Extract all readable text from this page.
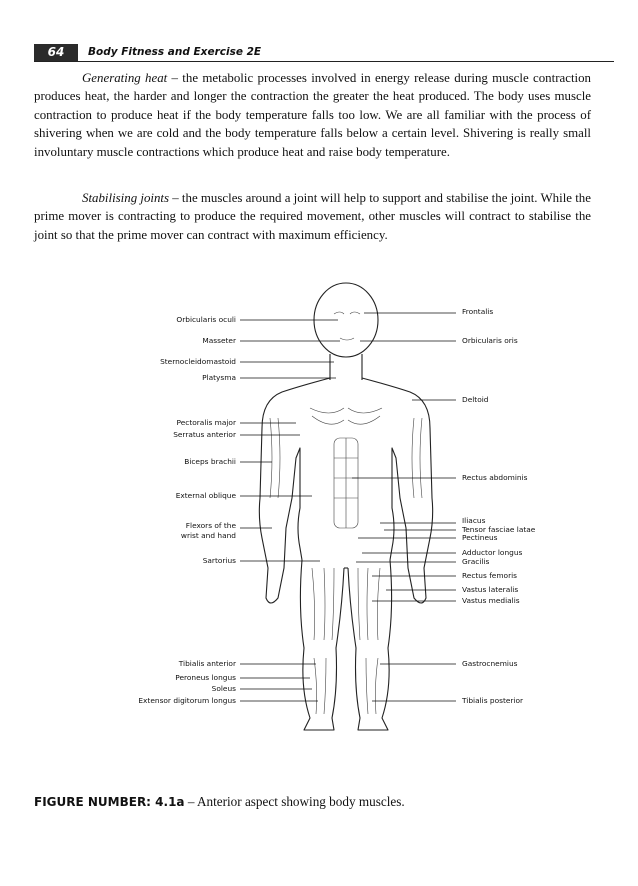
64	Body Fitness and Exercise 2E
Generating heat – the metabolic processes involved in energy release during muscle contraction produces heat, the harder and longer the contraction the greater the heat produced. The body uses muscle contraction to produce heat if the body temperature falls too low. We are all familiar with the process of shivering when we are cold and the body temperature falls below a certain level. Shivering is really small involuntary muscle contractions which produce heat and raise body temperature.
Stabilising joints – the muscles around a joint will help to support and stabilise the joint. While the prime mover is contracting to produce the required movement, other muscles will contract to stabilise the joint so that the prime mover can contract with maximum efficiency.
Orbicularis oculi
Masseter
Sternocleidomastoid
Platysma
Pectoralis major
Serratus anterior
Biceps brachii
External oblique
Flexors of the
wrist and hand
Sartorius
Tibialis anterior
Peroneus longus
Soleus
Extensor digitorum longus
Frontalis
Orbicularis oris
Deltoid
Rectus abdominis
Iliacus
Tensor fasciae latae
Pectineus
Adductor longus
Gracilis
Rectus femoris
Vastus lateralis
Vastus medialis
Gastrocnemius
Tibialis posterior
FIGURE NUMBER: 4.1a – Anterior aspect showing body muscles.
